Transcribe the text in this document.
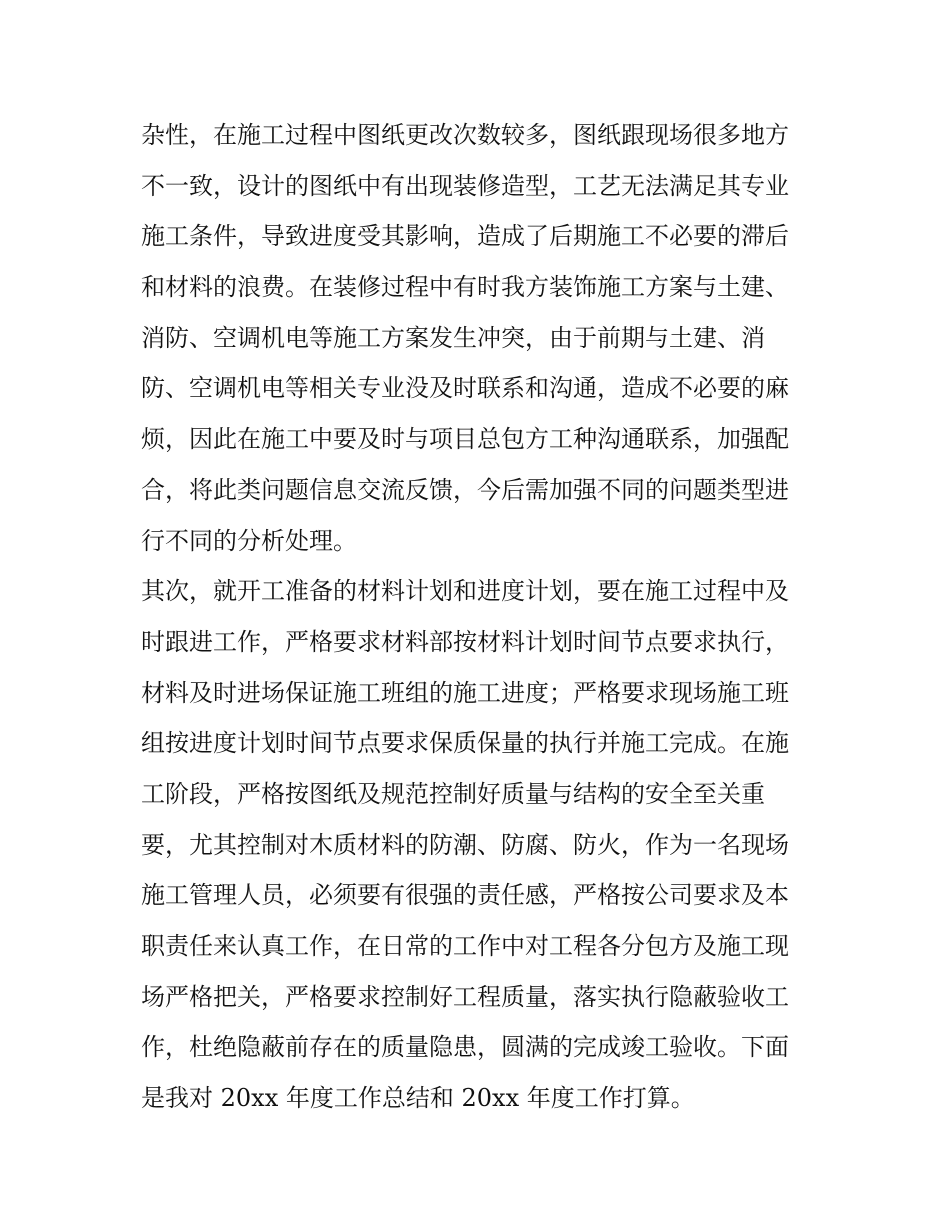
杂性，在施工过程中图纸更改次数较多，图纸跟现场很多地方
不一致，设计的图纸中有出现装修造型，工艺无法满足其专业
施工条件，导致进度受其影响，造成了后期施工不必要的滞后
和材料的浪费。在装修过程中有时我方装饰施工方案与土建、
消防、空调机电等施工方案发生冲突，由于前期与土建、消
防、空调机电等相关专业没及时联系和沟通，造成不必要的麻
烦，因此在施工中要及时与项目总包方工种沟通联系，加强配
合，将此类问题信息交流反馈，今后需加强不同的问题类型进
行不同的分析处理。
其次，就开工准备的材料计划和进度计划，要在施工过程中及
时跟进工作，严格要求材料部按材料计划时间节点要求执行，
材料及时进场保证施工班组的施工进度；严格要求现场施工班
组按进度计划时间节点要求保质保量的执行并施工完成。在施
工阶段，严格按图纸及规范控制好质量与结构的安全至关重
要，尤其控制对木质材料的防潮、防腐、防火，作为一名现场
施工管理人员，必须要有很强的责任感，严格按公司要求及本
职责任来认真工作，在日常的工作中对工程各分包方及施工现
场严格把关，严格要求控制好工程质量，落实执行隐蔽验收工
作，杜绝隐蔽前存在的质量隐患，圆满的完成竣工验收。下面
是我对 20xx 年度工作总结和 20xx 年度工作打算。
